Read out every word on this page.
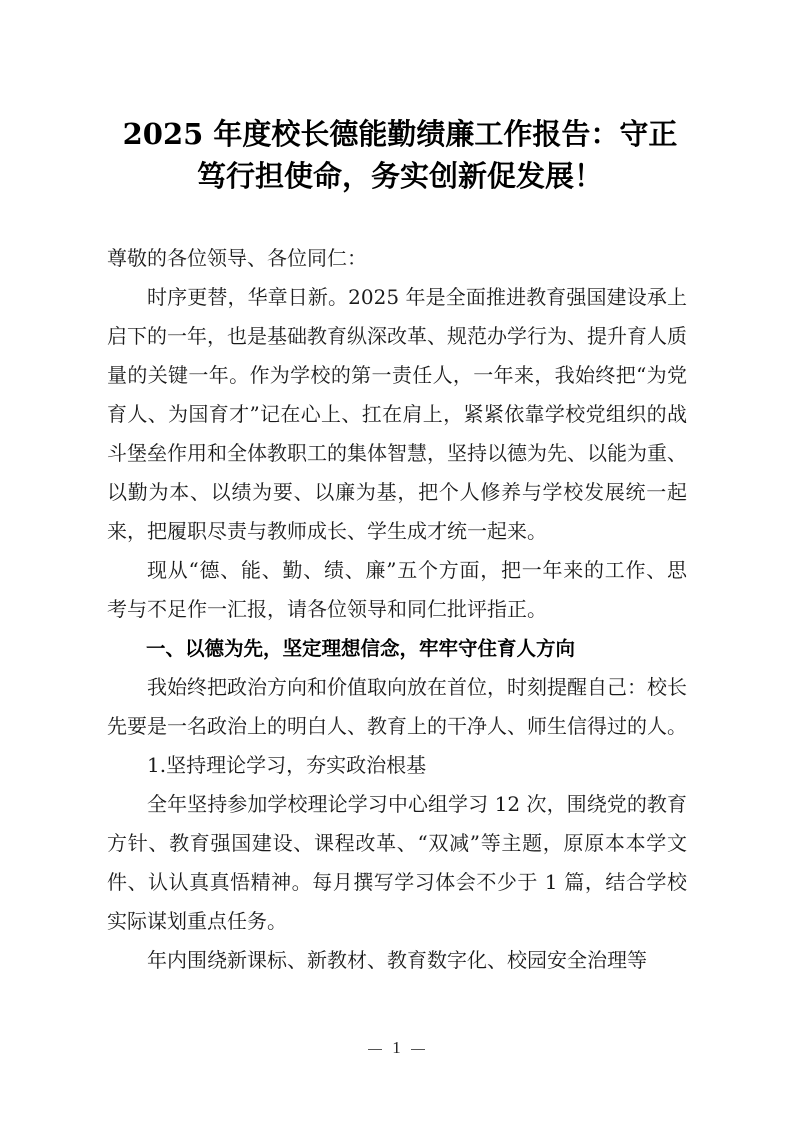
2025 年度校长德能勤绩廉工作报告：守正
笃行担使命，务实创新促发展！

尊敬的各位领导、各位同仁：

时序更替，华章日新。2025 年是全面推进教育强国建设承上启下的一年，也是基础教育纵深改革、规范办学行为、提升育人质量的关键一年。作为学校的第一责任人，一年来，我始终把“为党育人、为国育才”记在心上、扛在肩上，紧紧依靠学校党组织的战斗堡垒作用和全体教职工的集体智慧，坚持以德为先、以能为重、以勤为本、以绩为要、以廉为基，把个人修养与学校发展统一起来，把履职尽责与教师成长、学生成才统一起来。

现从“德、能、勤、绩、廉”五个方面，把一年来的工作、思考与不足作一汇报，请各位领导和同仁批评指正。

一、以德为先，坚定理想信念，牢牢守住育人方向

我始终把政治方向和价值取向放在首位，时刻提醒自己：校长先要是一名政治上的明白人、教育上的干净人、师生信得过的人。

1.坚持理论学习，夯实政治根基

全年坚持参加学校理论学习中心组学习 12 次，围绕党的教育方针、教育强国建设、课程改革、“双减”等主题，原原本本学文件、认认真真悟精神。每月撰写学习体会不少于 1 篇，结合学校实际谋划重点任务。

年内围绕新课标、新教材、教育数字化、校园安全治理等

1
